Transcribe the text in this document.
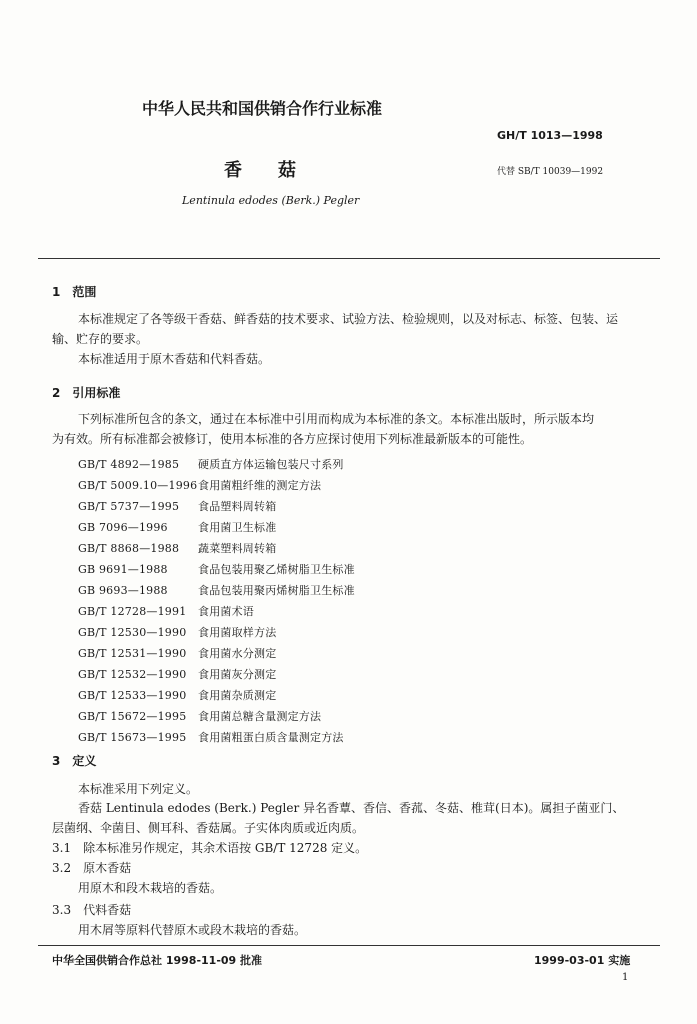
中华人民共和国供销合作行业标准
GH/T 1013—1998
香　　菇	代替 SB/T 10039—1992
Lentinula edodes (Berk.) Pegler
1　范围
本标准规定了各等级干香菇、鲜香菇的技术要求、试验方法、检验规则，以及对标志、标签、包装、运
输、贮存的要求。
本标准适用于原木香菇和代料香菇。
2　引用标准
下列标准所包含的条文，通过在本标准中引用而构成为本标准的条文。本标准出版时，所示版本均
为有效。所有标准都会被修订，使用本标准的各方应探讨使用下列标准最新版本的可能性。
GB/T 4892—1985 硬质直方体运输包装尺寸系列
GB/T 5009.10—1996食用菌粗纤维的测定方法
GB/T 5737—1995 食品塑料周转箱
GB 7096—1996	食用菌卫生标准
GB/T 8868—1988 蔬菜塑料周转箱
GB 9691—1988	食品包装用聚乙烯树脂卫生标准
GB 9693—1988	食品包装用聚丙烯树脂卫生标准
GB/T 12728—1991 食用菌术语
GB/T 12530—1990 食用菌取样方法
GB/T 12531—1990 食用菌水分测定
GB/T 12532—1990 食用菌灰分测定
GB/T 12533—1990 食用菌杂质测定
GB/T 15672—1995 食用菌总糖含量测定方法
GB/T 15673—1995 食用菌粗蛋白质含量测定方法
3　定义
本标准采用下列定义。
香菇 Lentinula edodes (Berk.) Pegler 异名香蕈、香信、香菰、冬菇、椎茸(日本)。属担子菌亚门、
层菌纲、伞菌目、侧耳科、香菇属。子实体肉质或近肉质。
3.1　除本标准另作规定，其余术语按 GB/T 12728 定义。
3.2　原木香菇
用原木和段木栽培的香菇。
3.3　代料香菇
用木屑等原料代替原木或段木栽培的香菇。
中华全国供销合作总社 1998-11-09 批准	1999-03-01 实施
1
